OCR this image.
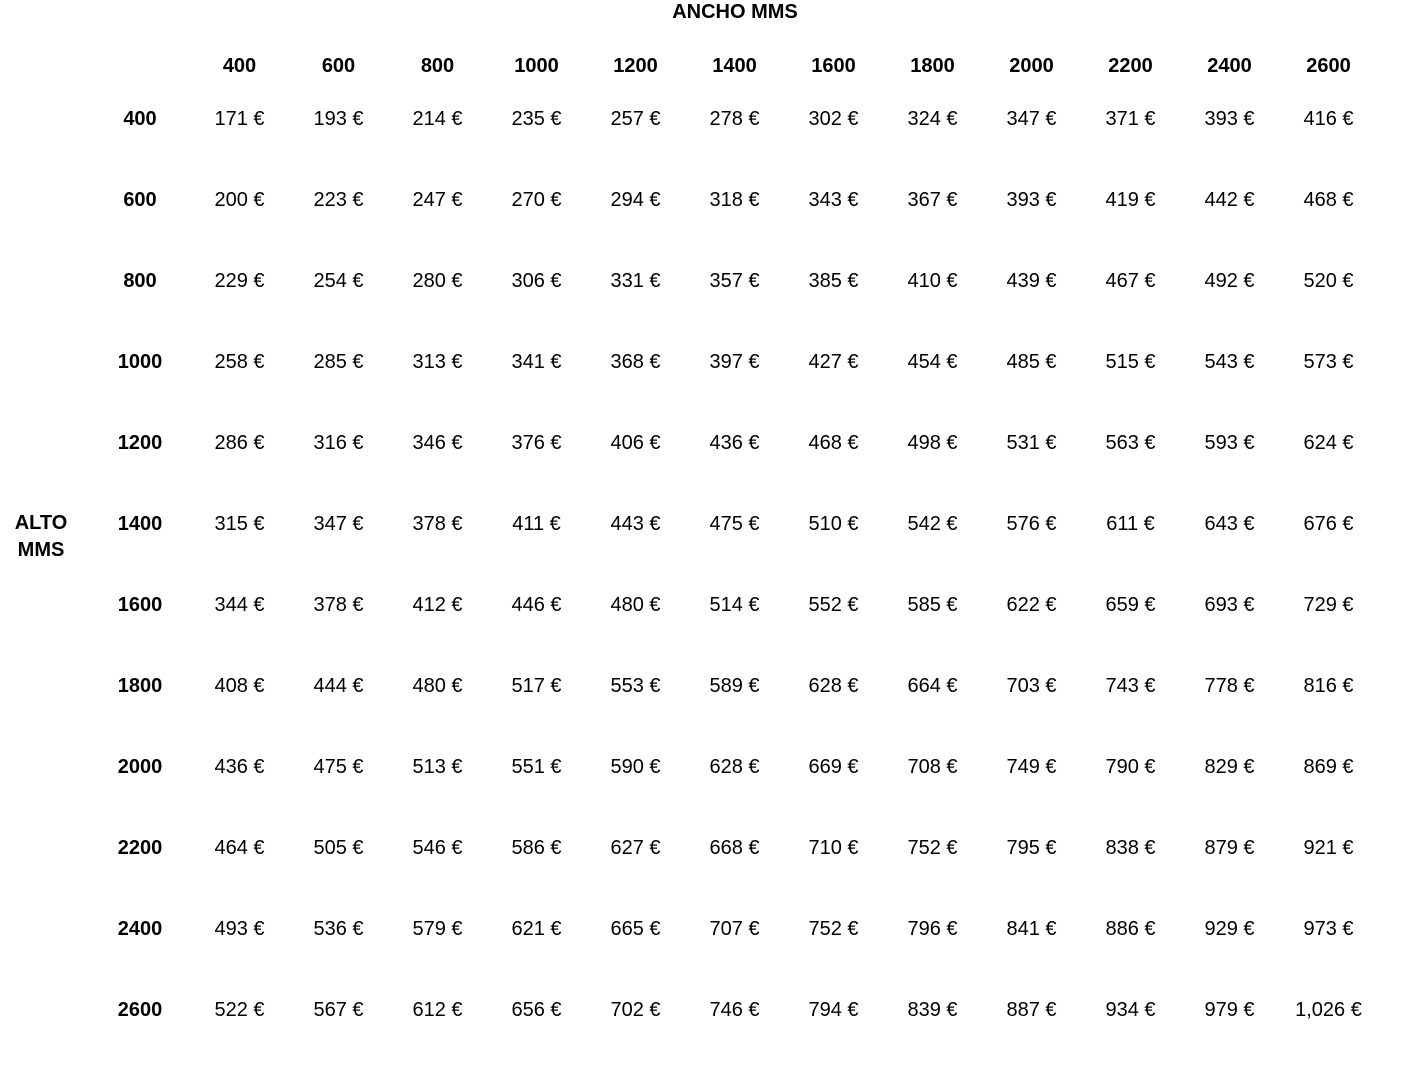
ANCHO MMS
ALTO
MMS
400	600	800	1000	1200	1400	1600	1800	2000	2200	2400	2600
400	171 €	193 €	214 €	235 €	257 €	278 €	302 €	324 €	347 €	371 €	393 €	416 €
600	200 €	223 €	247 €	270 €	294 €	318 €	343 €	367 €	393 €	419 €	442 €	468 €
800	229 €	254 €	280 €	306 €	331 €	357 €	385 €	410 €	439 €	467 €	492 €	520 €
1000	258 €	285 €	313 €	341 €	368 €	397 €	427 €	454 €	485 €	515 €	543 €	573 €
1200	286 €	316 €	346 €	376 €	406 €	436 €	468 €	498 €	531 €	563 €	593 €	624 €
1400	315 €	347 €	378 €	411 €	443 €	475 €	510 €	542 €	576 €	611 €	643 €	676 €
1600	344 €	378 €	412 €	446 €	480 €	514 €	552 €	585 €	622 €	659 €	693 €	729 €
1800	408 €	444 €	480 €	517 €	553 €	589 €	628 €	664 €	703 €	743 €	778 €	816 €
2000	436 €	475 €	513 €	551 €	590 €	628 €	669 €	708 €	749 €	790 €	829 €	869 €
2200	464 €	505 €	546 €	586 €	627 €	668 €	710 €	752 €	795 €	838 €	879 €	921 €
2400	493 €	536 €	579 €	621 €	665 €	707 €	752 €	796 €	841 €	886 €	929 €	973 €
2600	522 €	567 €	612 €	656 €	702 €	746 €	794 €	839 €	887 €	934 €	979 €	1,026 €
